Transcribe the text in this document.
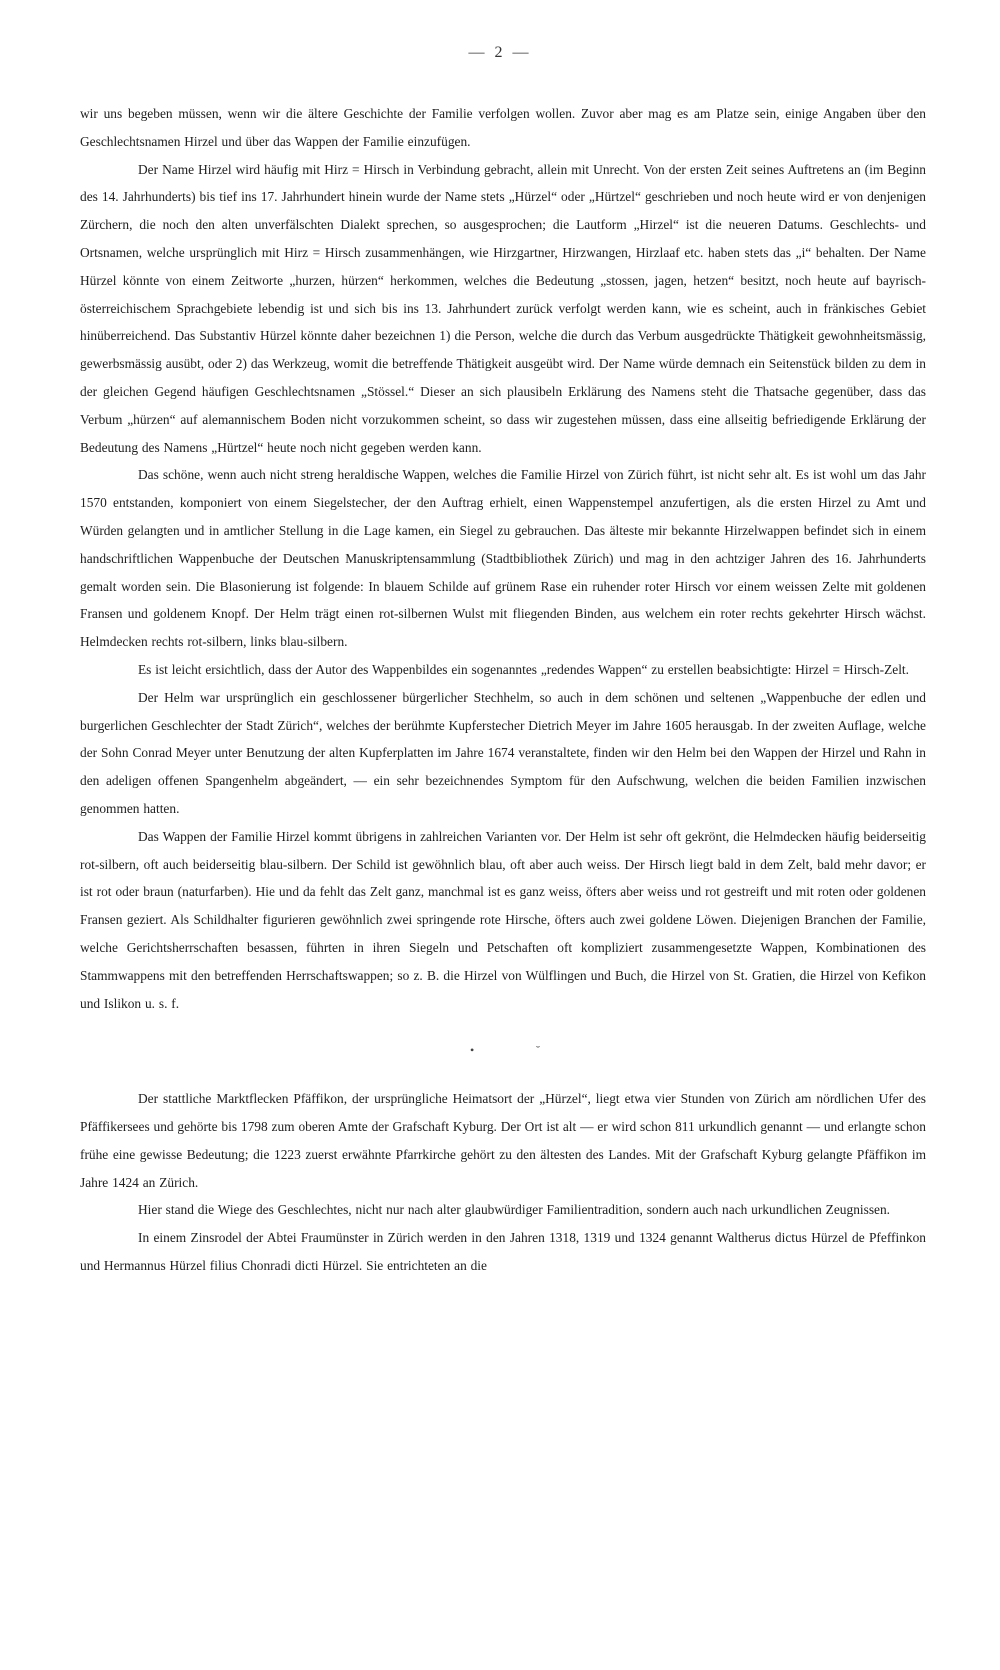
— 2 —

wir uns begeben müssen, wenn wir die ältere Geschichte der Familie verfolgen wollen. Zuvor aber mag es am Platze sein, einige Angaben über den Geschlechtsnamen Hirzel und über das Wappen der Familie einzufügen.

Der Name Hirzel wird häufig mit Hirz = Hirsch in Verbindung gebracht, allein mit Unrecht. Von der ersten Zeit seines Auftretens an (im Beginn des 14. Jahrhunderts) bis tief ins 17. Jahrhundert hinein wurde der Name stets „Hürzel“ oder „Hürtzel“ geschrieben und noch heute wird er von denjenigen Zürchern, die noch den alten unverfälschten Dialekt sprechen, so ausgesprochen; die Lautform „Hirzel“ ist die neueren Datums. Geschlechts- und Ortsnamen, welche ursprünglich mit Hirz = Hirsch zusammenhängen, wie Hirzgartner, Hirzwangen, Hirzlaaf etc. haben stets das „i“ behalten. Der Name Hürzel könnte von einem Zeitworte „hurzen, hürzen“ herkommen, welches die Bedeutung „stossen, jagen, hetzen“ besitzt, noch heute auf bayrisch-österreichischem Sprachgebiete lebendig ist und sich bis ins 13. Jahrhundert zurück verfolgt werden kann, wie es scheint, auch in fränkisches Gebiet hinüberreichend. Das Substantiv Hürzel könnte daher bezeichnen 1) die Person, welche die durch das Verbum ausgedrückte Thätigkeit gewohnheitsmässig, gewerbsmässig ausübt, oder 2) das Werkzeug, womit die betreffende Thätigkeit ausgeübt wird. Der Name würde demnach ein Seitenstück bilden zu dem in der gleichen Gegend häufigen Geschlechtsnamen „Stössel.“ Dieser an sich plausibeln Erklärung des Namens steht die Thatsache gegenüber, dass das Verbum „hürzen“ auf alemannischem Boden nicht vorzukommen scheint, so dass wir zugestehen müssen, dass eine allseitig befriedigende Erklärung der Bedeutung des Namens „Hürtzel“ heute noch nicht gegeben werden kann.

Das schöne, wenn auch nicht streng heraldische Wappen, welches die Familie Hirzel von Zürich führt, ist nicht sehr alt. Es ist wohl um das Jahr 1570 entstanden, komponiert von einem Siegelstecher, der den Auftrag erhielt, einen Wappenstempel anzufertigen, als die ersten Hirzel zu Amt und Würden gelangten und in amtlicher Stellung in die Lage kamen, ein Siegel zu gebrauchen. Das älteste mir bekannte Hirzelwappen befindet sich in einem handschriftlichen Wappenbuche der Deutschen Manuskriptensammlung (Stadtbibliothek Zürich) und mag in den achtziger Jahren des 16. Jahrhunderts gemalt worden sein. Die Blasonierung ist folgende: In blauem Schilde auf grünem Rase ein ruhender roter Hirsch vor einem weissen Zelte mit goldenen Fransen und goldenem Knopf. Der Helm trägt einen rot-silbernen Wulst mit fliegenden Binden, aus welchem ein roter rechts gekehrter Hirsch wächst. Helmdecken rechts rot-silbern, links blau-silbern.

Es ist leicht ersichtlich, dass der Autor des Wappenbildes ein sogenanntes „redendes Wappen“ zu erstellen beabsichtigte: Hirzel = Hirsch-Zelt.

Der Helm war ursprünglich ein geschlossener bürgerlicher Stechhelm, so auch in dem schönen und seltenen „Wappenbuche der edlen und burgerlichen Geschlechter der Stadt Zürich“, welches der berühmte Kupferstecher Dietrich Meyer im Jahre 1605 herausgab. In der zweiten Auflage, welche der Sohn Conrad Meyer unter Benutzung der alten Kupferplatten im Jahre 1674 veranstaltete, finden wir den Helm bei den Wappen der Hirzel und Rahn in den adeligen offenen Spangenhelm abgeändert, — ein sehr bezeichnendes Symptom für den Aufschwung, welchen die beiden Familien inzwischen genommen hatten.

Das Wappen der Familie Hirzel kommt übrigens in zahlreichen Varianten vor. Der Helm ist sehr oft gekrönt, die Helmdecken häufig beiderseitig rot-silbern, oft auch beiderseitig blau-silbern. Der Schild ist gewöhnlich blau, oft aber auch weiss. Der Hirsch liegt bald in dem Zelt, bald mehr davor; er ist rot oder braun (naturfarben). Hie und da fehlt das Zelt ganz, manchmal ist es ganz weiss, öfters aber weiss und rot gestreift und mit roten oder goldenen Fransen geziert. Als Schildhalter figurieren gewöhnlich zwei springende rote Hirsche, öfters auch zwei goldene Löwen. Diejenigen Branchen der Familie, welche Gerichtsherrschaften besassen, führten in ihren Siegeln und Petschaften oft kompliziert zusammengesetzte Wappen, Kombinationen des Stammwappens mit den betreffenden Herrschaftswappen; so z. B. die Hirzel von Wülflingen und Buch, die Hirzel von St. Gratien, die Hirzel von Kefikon und Islikon u. s. f.

•	˘

Der stattliche Marktflecken Pfäffikon, der ursprüngliche Heimatsort der „Hürzel“, liegt etwa vier Stunden von Zürich am nördlichen Ufer des Pfäffikersees und gehörte bis 1798 zum oberen Amte der Grafschaft Kyburg. Der Ort ist alt — er wird schon 811 urkundlich genannt — und erlangte schon frühe eine gewisse Bedeutung; die 1223 zuerst erwähnte Pfarrkirche gehört zu den ältesten des Landes. Mit der Grafschaft Kyburg gelangte Pfäffikon im Jahre 1424 an Zürich.

Hier stand die Wiege des Geschlechtes, nicht nur nach alter glaubwürdiger Familientradition, sondern auch nach urkundlichen Zeugnissen.

In einem Zinsrodel der Abtei Fraumünster in Zürich werden in den Jahren 1318, 1319 und 1324 genannt Waltherus dictus Hürzel de Pfeffinkon und Hermannus Hürzel filius Chonradi dicti Hürzel. Sie entrichteten an die
